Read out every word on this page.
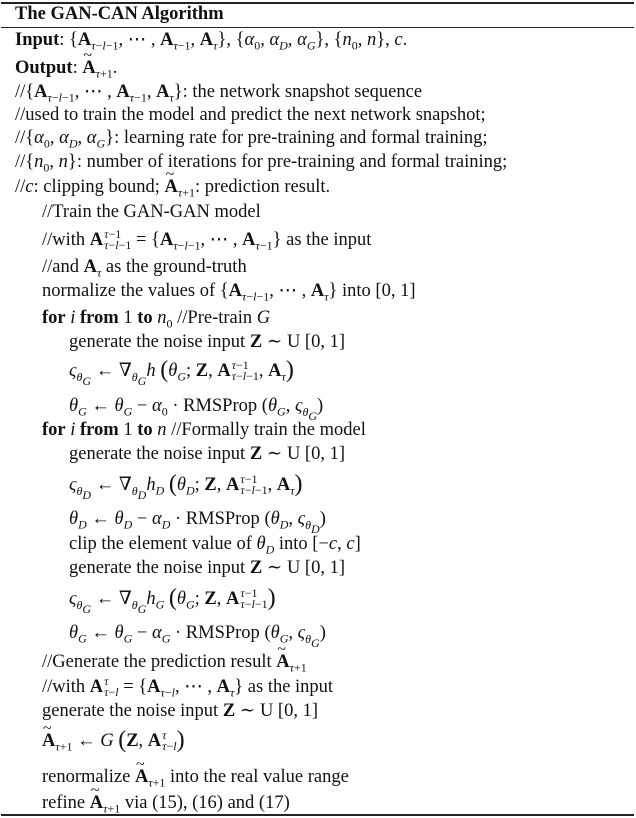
The GAN-CAN Algorithm
Input: {$A_{\tau-l-1}$, ⋯ , $A_{\tau-1}$, $A_\tau$}, {$\alpha_0$, $\alpha_D$, $\alpha_G$}, {$n_0$, n}, c.
Output: ~ $A_{\tau+1}$.
$//\{A_{\tau-l-1}$, ⋯ , $A_{\tau-1}$, $A_\tau$}: the network snapshot sequence
//used to train the model and predict the next network snapshot;
$//\{\alpha_0$, $\alpha_D$, $\alpha_G$}: learning rate for pre-training and formal training;
$//\{n_0$, n}: number of iterations for pre-training and formal training;
//c: clipping bound; ~ $A_{\tau+1}$: prediction result.
//Train the GAN-GAN model
//with A τ−1
$\tau-l-1 = \{A_{\tau-l-1}$, ⋯ , $A_{\tau-1}$} as the input
//and $A_\tau$ as the ground-truth
normalize the values of {$A_{\tau-l-1}$, ⋯ , $A_\tau$} into [0, 1]
for i from 1 to $n_0$ //Pre-train G
generate the noise input Z ∼ U [0, 1]
$\varsigma_{\theta G}$ ← $\nabla_{\theta G}h$ ($\theta_G$; Z, A τ−1
τ−l−1 , $A_\tau$)
$\theta_G$ ← $\theta_G - \alpha_0$ · RMSProp ($\theta_G$, $\varsigma_{\theta G}$)
for i from 1 to n //Formally train the model
generate the noise input Z ∼ U [0, 1]
$\varsigma_{\theta D}$ ← $\nabla_{\theta D}h_D$ ($\theta_D$; Z, A τ−1
τ−l−1 , $A_\tau$)
$\theta_D$ ← $\theta_D - \alpha_D$ · RMSProp ($\theta_D$, $\varsigma_{\theta D}$)
clip the element value of $\theta_D$ into [−c, c]
generate the noise input Z ∼ U [0, 1]
$\varsigma_{\theta G}$ ← $\nabla_{\theta G}h_G$ ($\theta_G$; Z, A τ−1
τ−l−1 )
$\theta_G$ ← $\theta_G - \alpha_G$ · RMSProp ($\theta_G$, $\varsigma_{\theta G}$)
//Generate the prediction result ~ $A_{\tau+1}$
//with A τ
$\tau-l = \{A_{\tau-l}$, ⋯ , $A_\tau$} as the input
generate the noise input Z ∼ U [0, 1]
~ $A_{\tau+1}$ ← G (Z, A τ
τ−l )
renormalize ~ $A_{\tau+1}$ into the real value range
refine ~ $A_{\tau+1}$ via (15), (16) and (17)
